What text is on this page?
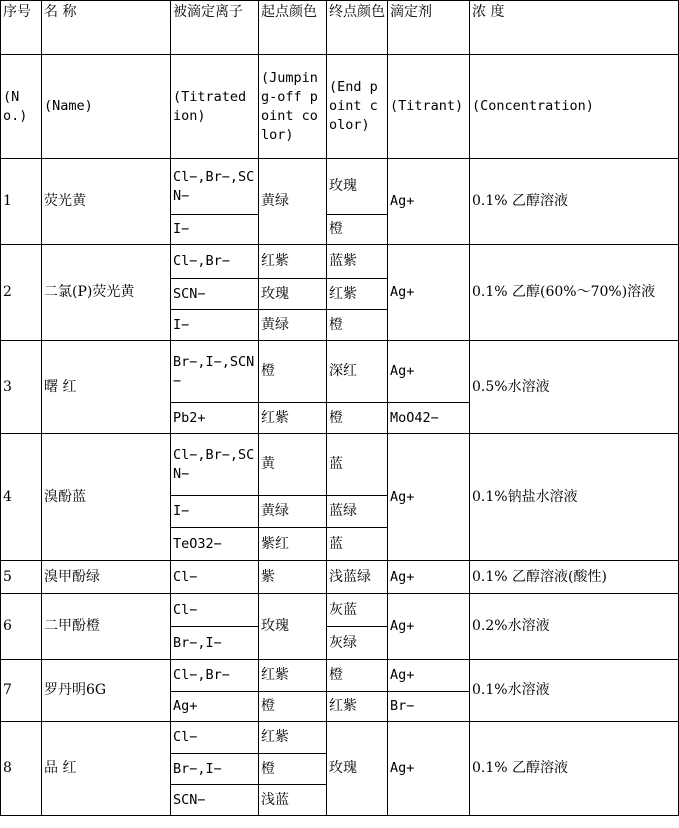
序号	名 称	被滴定离子	起点颜色	终点颜色	滴定剂	浓 度
(No.)	(Name)	(Titrated ion)	(Jumping-off point color)	(End point color)	(Titrant)	(Concentration)
1	荧光黄	Cl−,Br−,SCN−	黄绿	玫瑰	Ag+	0.1% 乙醇溶液
		I−		橙		
2	二氯(P)荧光黄	Cl−,Br−	红紫	蓝紫	Ag+	0.1% 乙醇(60%～70%)溶液
		SCN−	玫瑰	红紫		
		I−	黄绿	橙		
3	曙 红	Br−,I−,SCN−	橙	深红	Ag+	0.5%水溶液
		Pb2+	红紫	橙	MoO42−	
4	溴酚蓝	Cl−,Br−,SCN−	黄	蓝	Ag+	0.1%钠盐水溶液
		I−	黄绿	蓝绿		
		TeO32−	紫红	蓝		
5	溴甲酚绿	Cl−	紫	浅蓝绿	Ag+	0.1% 乙醇溶液(酸性)
6	二甲酚橙	Cl−	玫瑰	灰蓝	Ag+	0.2%水溶液
		Br−,I−		灰绿		
7	罗丹明6G	Cl−,Br−	红紫	橙	Ag+	0.1%水溶液
		Ag+	橙	红紫	Br−	
8	品 红	Cl−	红紫	玫瑰	Ag+	0.1% 乙醇溶液
		Br−,I−	橙			
		SCN−	浅蓝			
